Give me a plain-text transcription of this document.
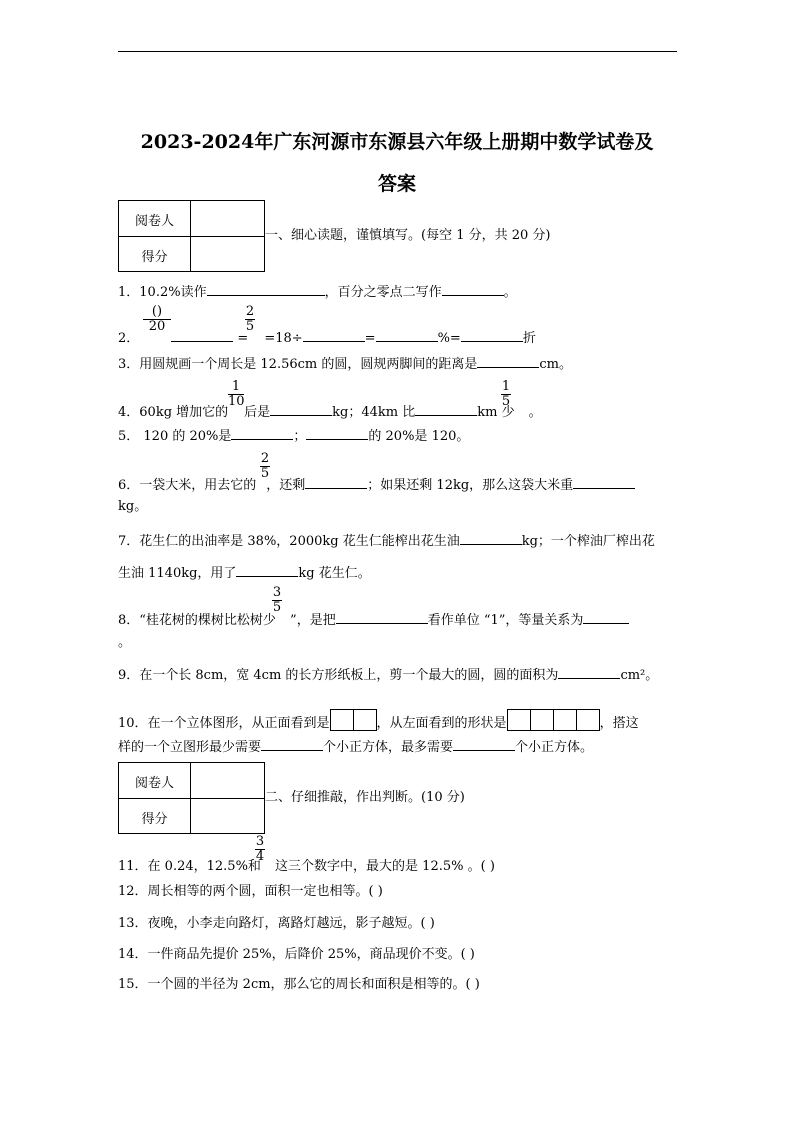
2023-2024年广东河源市东源县六年级上册期中数学试卷及
答案
阅卷人
得分
一、细心读题，谨慎填写。(每空 1 分，共 20 分)
1．10.2%读作	，百分之零点二写作	。
()
20	$\frac{2}{5}$
2．	= =18÷	=	%=	折
3．用圆规画一个周长是 12.56cm 的圆，圆规两脚间的距离是	cm。
$\frac{1}{10}$	$\frac{1}{5}$
4．60kg 增加它的 后是	kg；44km 比	km 少 。
5． 120 的 20%是	；	的 20%是 120。
$\frac{2}{5}$
6．一袋大米，用去它的 ，还剩	；如果还剩 12kg，那么这袋大米重
kg。
7．花生仁的出油率是 38%，2000kg 花生仁能榨出花生油	kg；一个榨油厂榨出花
生油 1140kg，用了	kg 花生仁。
$\frac{3}{5}$
8．“桂花树的棵树比松树少 ”，是把	看作单位 “1”，等量关系为
。
9．在一个长 8cm，宽 4cm 的长方形纸板上，剪一个最大的圆，圆的面积为	cm²。
10．在一个立体图形，从正面看到是	，从左面看到的形状是	，搭这
样的一个立图形最少需要	个小正方体，最多需要	个小正方体。
阅卷人
得分
二、仔细推敲，作出判断。(10 分)
$\frac{3}{4}$
11．在 0.24，12.5%和 这三个数字中，最大的是 12.5% 。( )
12．周长相等的两个圆，面积一定也相等。( )
13．夜晚，小李走向路灯，离路灯越远，影子越短。( )
14．一件商品先提价 25%，后降价 25%，商品现价不变。( )
15．一个圆的半径为 2cm，那么它的周长和面积是相等的。( )
